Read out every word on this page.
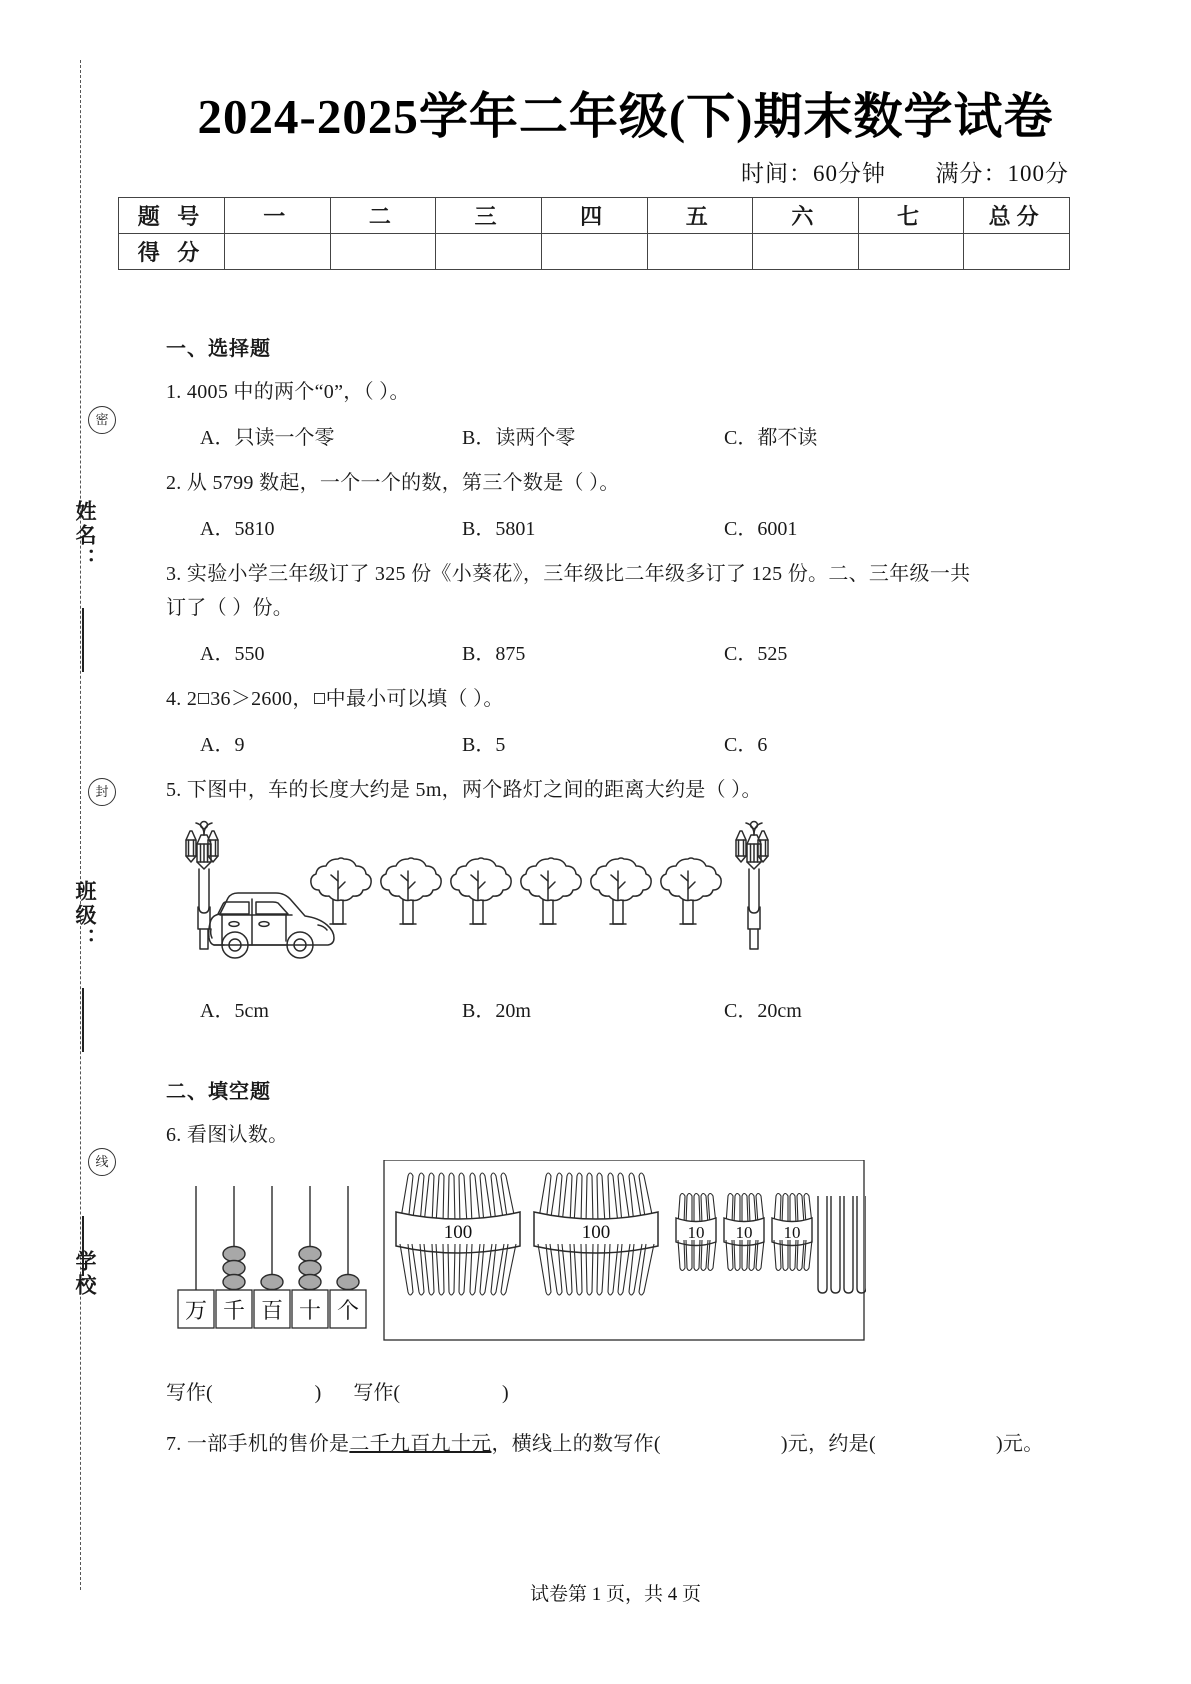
密
封
线
姓名：
班级：
学校
2024-2025学年二年级(下)期末数学试卷
时间：60分钟 满分：100分
题 号	一	二	三	四	五	六	七	总分
得 分								
一、选择题
1. 4005 中的两个“0”，（ ）。
A．只读一个零	B．读两个零	C．都不读
2. 从 5799 数起，一个一个的数，第三个数是（ ）。
A．5810	B．5801	C．6001
3. 实验小学三年级订了 325 份《小葵花》，三年级比二年级多订了 125 份。二、三年级一共
订了（ ）份。
A．550	B．875	C．525
4. 2 36＞2600， 中最小可以填（ ）。
A．9	B．5	C．6
5. 下图中，车的长度大约是 5m，两个路灯之间的距离大约是（ ）。
A．5cm	B．20m	C．20cm
二、填空题
6. 看图认数。
万 千 百 十 个
100	100	10 10 10
写作(	) 写作(	)
7. 一部手机的售价是二千九百九十元，横线上的数写作(	)元，约是(	)元。
试卷第 1 页，共 4 页
